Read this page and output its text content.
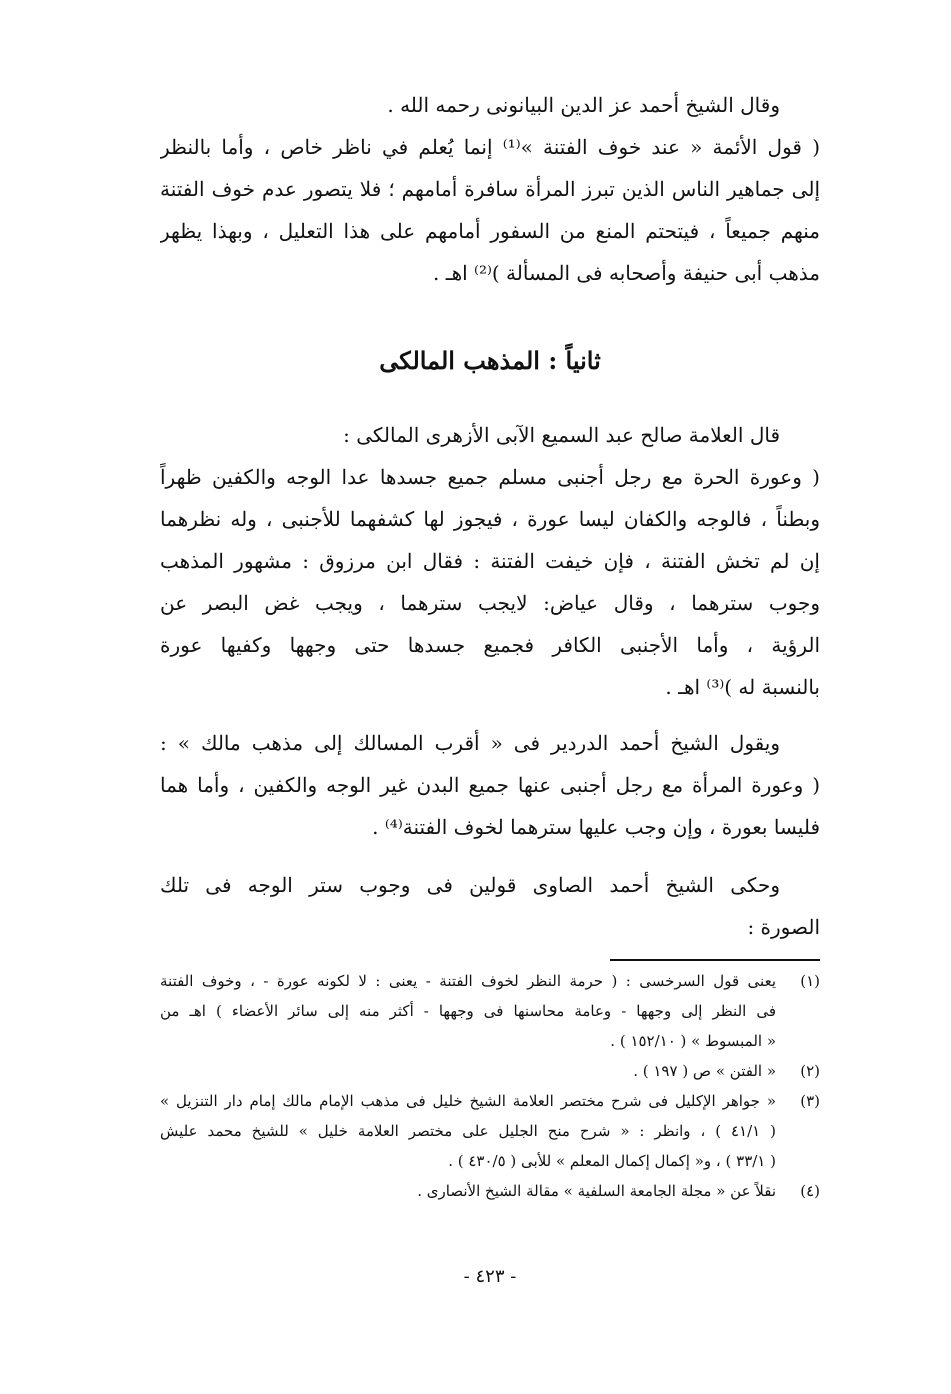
وقال الشيخ أحمد عز الدين البيانونى رحمه الله .
( قول الأئمة « عند خوف الفتنة »⁽¹⁾ إنما يُعلم في ناظر خاص ، وأما بالنظر
إلى جماهير الناس الذين تبرز المرأة سافرة أمامهم ؛ فلا يتصور عدم خوف الفتنة
منهم جميعاً ، فيتحتم المنع من السفور أمامهم على هذا التعليل ، وبهذا يظهر
مذهب أبى حنيفة وأصحابه فى المسألة )⁽²⁾ اهـ .
ثانياً : المذهب المالكى
قال العلامة صالح عبد السميع الآبى الأزهرى المالكى :
( وعورة الحرة مع رجل أجنبى مسلم جميع جسدها عدا الوجه والكفين ظهراً
وبطناً ، فالوجه والكفان ليسا عورة ، فيجوز لها كشفهما للأجنبى ، وله نظرهما
إن لم تخش الفتنة ، فإن خيفت الفتنة : فقال ابن مرزوق : مشهور المذهب
وجوب سترهما ، وقال عياض: لايجب سترهما ، ويجب غض البصر عن
الرؤية ، وأما الأجنبى الكافر فجميع جسدها حتى وجهها وكفيها عورة
بالنسبة له )⁽³⁾ اهـ .
ويقول الشيخ أحمد الدردير فى « أقرب المسالك إلى مذهب مالك » :
( وعورة المرأة مع رجل أجنبى عنها جميع البدن غير الوجه والكفين ، وأما هما
فليسا بعورة ، وإن وجب عليها سترهما لخوف الفتنة⁽⁴⁾ .
وحكى الشيخ أحمد الصاوى قولين فى وجوب ستر الوجه فى تلك
الصورة :
(١)
يعنى قول السرخسى : ( حرمة النظر لخوف الفتنة - يعنى : لا لكونه عورة - ، وخوف الفتنة
فى النظر إلى وجهها - وعامة محاسنها فى وجهها - أكثر منه إلى سائر الأعضاء ) اهـ من
« المبسوط » ( ١٥٢/١٠ ) .
(٢)
« الفتن » ص ( ١٩٧ ) .
(٣)
« جواهر الإكليل فى شرح مختصر العلامة الشيخ خليل فى مذهب الإمام مالك إمام دار التنزيل »
( ٤١/١ ) ، وانظر : « شرح منح الجليل على مختصر العلامة خليل » للشيخ محمد عليش
( ٣٣/١ ) ، و« إكمال إكمال المعلم » للأبى ( ٤٣٠/٥ ) .
(٤)
نقلاً عن « مجلة الجامعة السلفية » مقالة الشيخ الأنصارى .
- ٤٢٣ -
